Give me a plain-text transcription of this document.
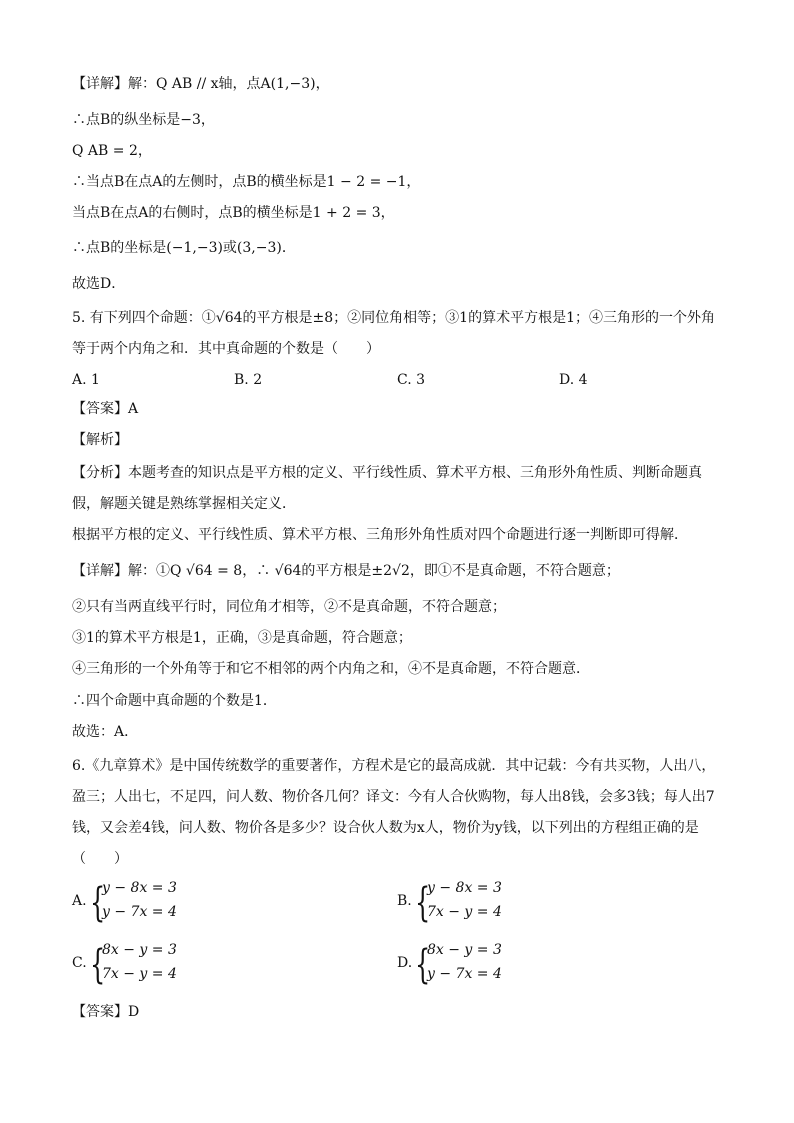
【详解】解：Q AB // x轴，点A(1,−3)，
∴点B的纵坐标是−3，
Q AB = 2，
∴当点B在点A的左侧时，点B的横坐标是1 − 2 = −1，
当点B在点A的右侧时，点B的横坐标是1 + 2 = 3，
∴点B的坐标是(−1,−3)或(3,−3)．
故选D．
5. 有下列四个命题：①√64的平方根是±8；②同位角相等；③1的算术平方根是1；④三角形的一个外角
等于两个内角之和．其中真命题的个数是（　　）
A. 1	B. 2	C. 3	D. 4
【答案】A
【解析】
【分析】本题考查的知识点是平方根的定义、平行线性质、算术平方根、三角形外角性质、判断命题真
假，解题关键是熟练掌握相关定义．
根据平方根的定义、平行线性质、算术平方根、三角形外角性质对四个命题进行逐一判断即可得解．
【详解】解：①Q √64 = 8，∴ √64的平方根是±2√2，即①不是真命题，不符合题意；
②只有当两直线平行时，同位角才相等，②不是真命题，不符合题意；
③1的算术平方根是1，正确，③是真命题，符合题意；
④三角形的一个外角等于和它不相邻的两个内角之和，④不是真命题，不符合题意．
∴四个命题中真命题的个数是1．
故选：A．
6.《九章算术》是中国传统数学的重要著作，方程术是它的最高成就．其中记载：今有共买物，人出八，
盈三；人出七，不足四，问人数、物价各几何？译文：今有人合伙购物，每人出8钱，会多3钱；每人出7
钱，又会差4钱，问人数、物价各是多少？设合伙人数为x人，物价为y钱，以下列出的方程组正确的是
（　　）
A. {
y − 8x = 3
y − 7x = 4
B. {
y − 8x = 3
7x − y = 4
C. {
8x − y = 3
7x − y = 4
D. {
8x − y = 3
y − 7x = 4
【答案】D
